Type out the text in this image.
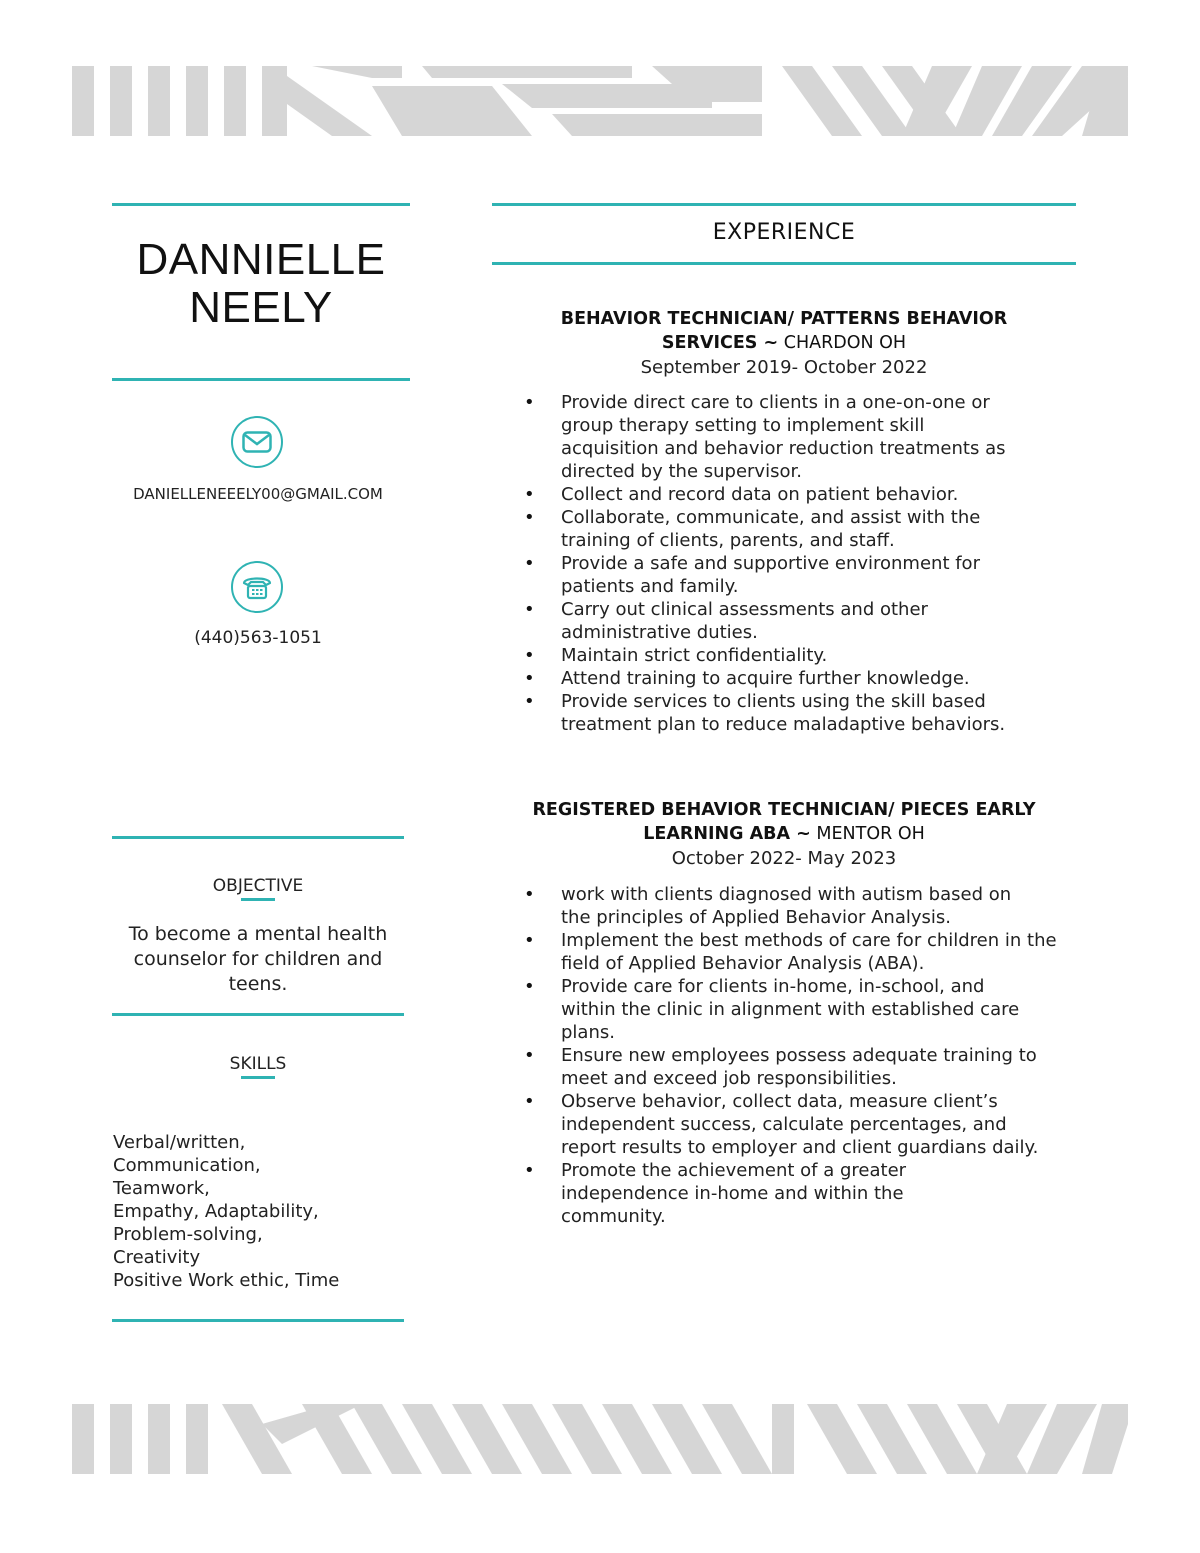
DANNIELLE
NEELY
DANIELLENEEELY00@GMAIL.COM
(440)563-1051
OBJECTIVE
To become a mental health counselor for children and teens.
SKILLS
Verbal/written,
Communication,
Teamwork,
Empathy, Adaptability,
Problem-solving,
Creativity
Positive Work ethic, Time
EXPERIENCE
BEHAVIOR TECHNICIAN/ PATTERNS BEHAVIOR SERVICES ~ CHARDON OH
September 2019- October 2022
• Provide direct care to clients in a one-on-one or group therapy setting to implement skill acquisition and behavior reduction treatments as directed by the supervisor.
• Collect and record data on patient behavior.
• Collaborate, communicate, and assist with the training of clients, parents, and staff.
• Provide a safe and supportive environment for patients and family.
• Carry out clinical assessments and other administrative duties.
• Maintain strict confidentiality.
• Attend training to acquire further knowledge.
• Provide services to clients using the skill based treatment plan to reduce maladaptive behaviors.
REGISTERED BEHAVIOR TECHNICIAN/ PIECES EARLY LEARNING ABA ~ MENTOR OH
October 2022- May 2023
• work with clients diagnosed with autism based on the principles of Applied Behavior Analysis.
• Implement the best methods of care for children in the field of Applied Behavior Analysis (ABA).
• Provide care for clients in-home, in-school, and within the clinic in alignment with established care plans.
• Ensure new employees possess adequate training to meet and exceed job responsibilities.
• Observe behavior, collect data, measure client’s independent success, calculate percentages, and report results to employer and client guardians daily.
• Promote the achievement of a greater independence in-home and within the community.
